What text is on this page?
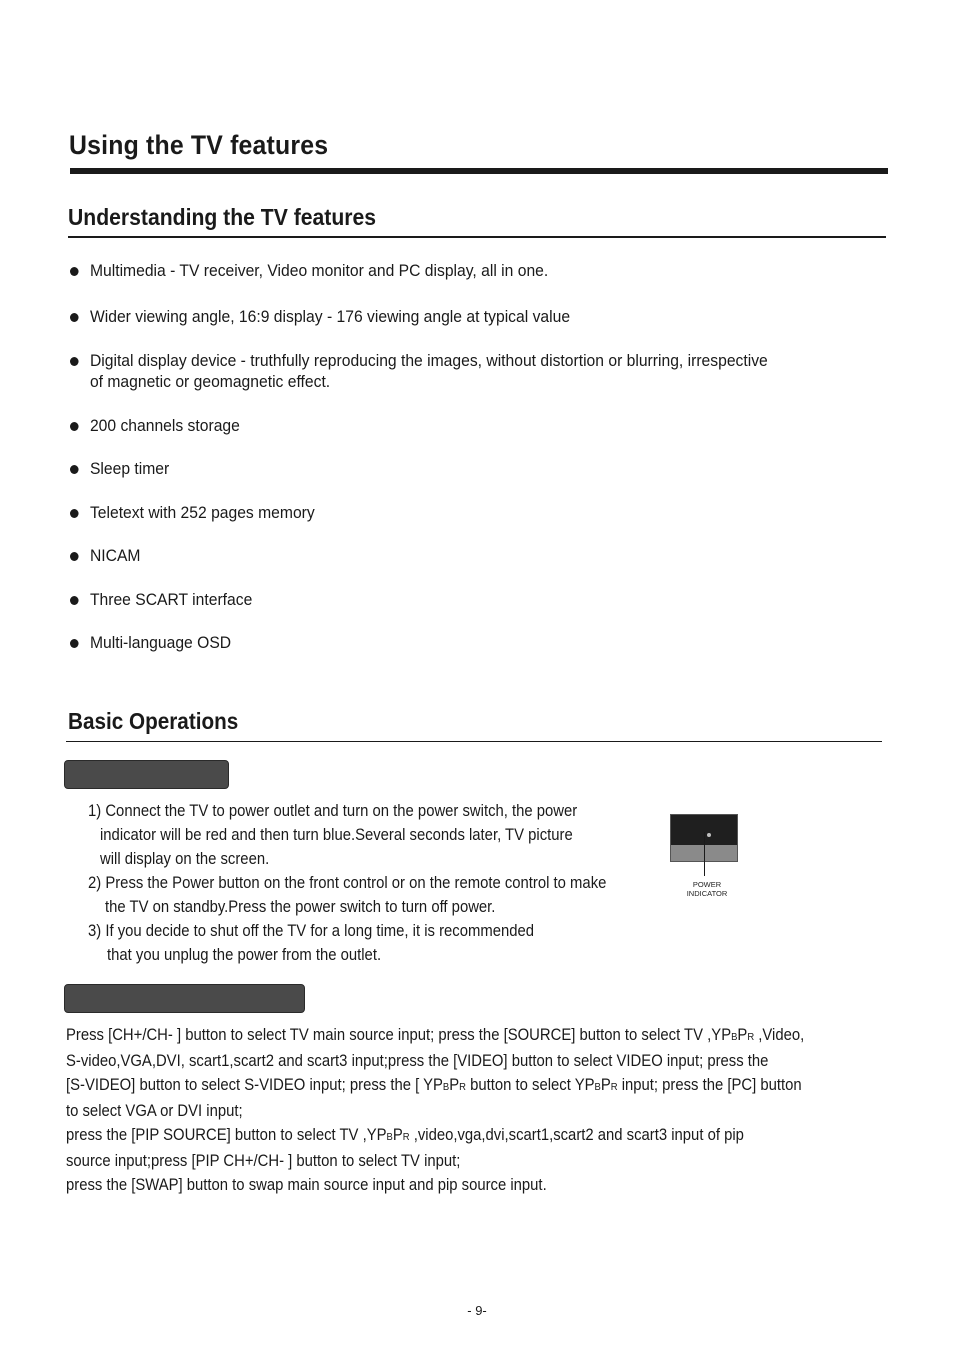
Using the TV features
Understanding the TV features
Multimedia - TV receiver, Video monitor and PC display, all in one.
Wider viewing angle, 16:9 display - 176 viewing angle at typical value
Digital display device - truthfully reproducing the images, without distortion or blurring, irrespective
of magnetic or geomagnetic effect.
200 channels storage
Sleep timer
Teletext with 252 pages memory
NICAM
Three SCART interface
Multi-language OSD
Basic Operations
1) Connect the TV to power outlet and turn on the power switch, the power
indicator will be red and then turn blue.Several seconds later, TV picture
will display on the screen.
2) Press the Power button on the front control or on the remote control to make
the TV on standby.Press the power switch to turn off power.
3) If you decide to shut off the TV for a long time, it is recommended
that you unplug the power from the outlet.
POWER
INDICATOR
Press [CH+/CH- ] button to select TV main source input; press the [SOURCE] button to select TV ,YPBPR ,Video,
S-video,VGA,DVI, scart1,scart2 and scart3 input;press the [VIDEO] button to select VIDEO input; press the
[S-VIDEO] button to select S-VIDEO input; press the [ YPBPR button to select YPBPR input; press the [PC] button
to select VGA or DVI input;
press the [PIP SOURCE] button to select TV ,YPBPR ,video,vga,dvi,scart1,scart2 and scart3 input of pip
source input;press [PIP CH+/CH- ] button to select TV input;
press the [SWAP] button to swap main source input and pip source input.
- 9-
